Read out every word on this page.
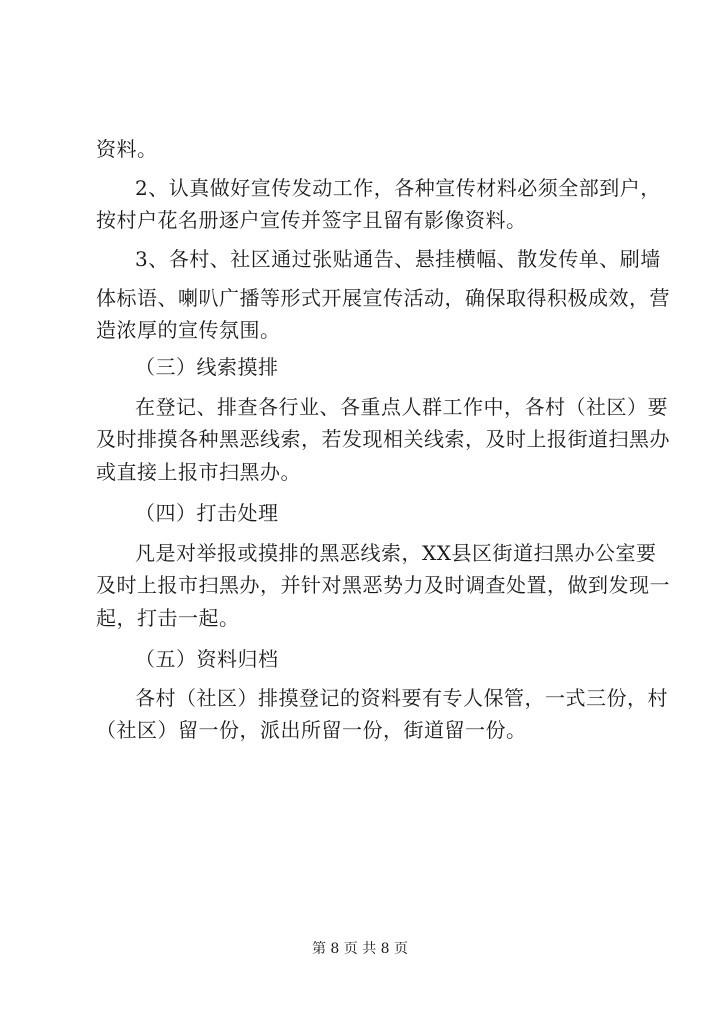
资料。
2、认真做好宣传发动工作，各种宣传材料必须全部到户，
按村户花名册逐户宣传并签字且留有影像资料。
3、各村、社区通过张贴通告、悬挂横幅、散发传单、刷墙
体标语、喇叭广播等形式开展宣传活动，确保取得积极成效，营
造浓厚的宣传氛围。
（三）线索摸排
在登记、排查各行业、各重点人群工作中，各村（社区）要
及时排摸各种黑恶线索，若发现相关线索，及时上报街道扫黑办
或直接上报市扫黑办。
（四）打击处理
凡是对举报或摸排的黑恶线索，XX县区街道扫黑办公室要
及时上报市扫黑办，并针对黑恶势力及时调查处置，做到发现一
起，打击一起。
（五）资料归档
各村（社区）排摸登记的资料要有专人保管，一式三份，村
（社区）留一份，派出所留一份，街道留一份。
第 8 页 共 8 页
